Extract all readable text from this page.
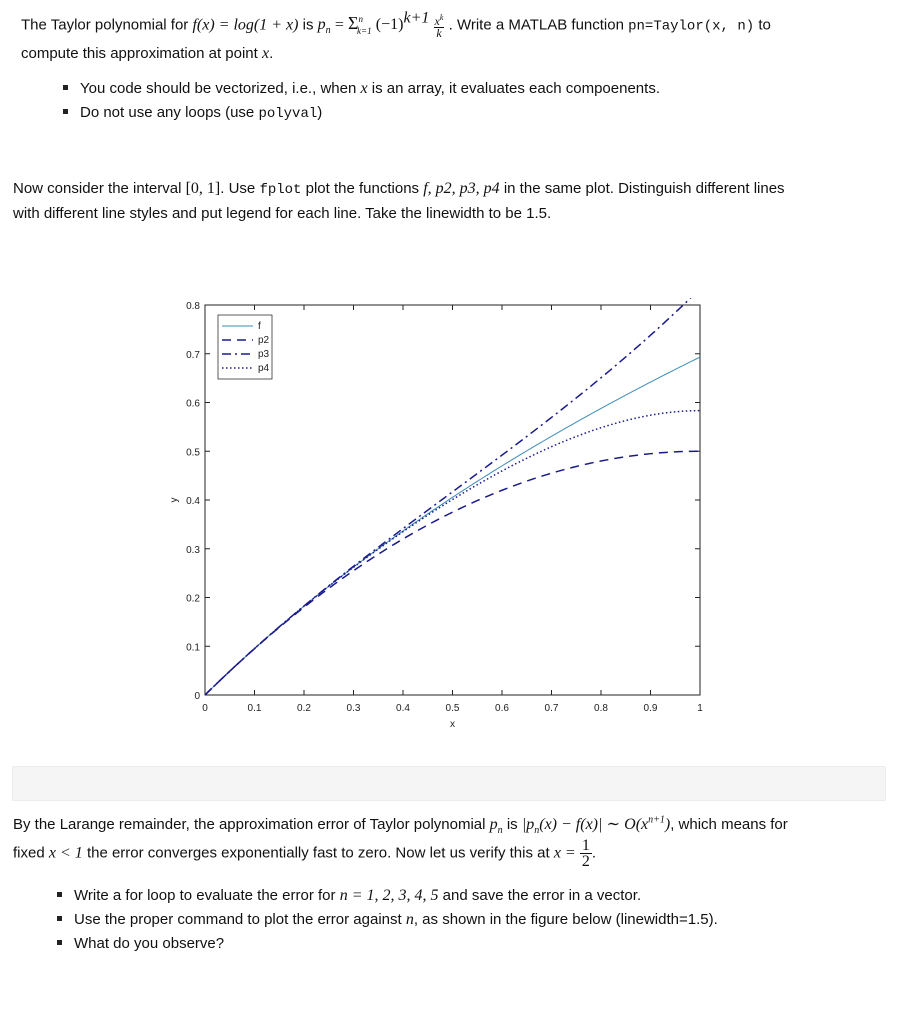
The Taylor polynomial for f(x) = log(1 + x) is $p_n = \Sigma^n_{k=1}$ $(-1)^{k+1} \frac{x^k}{k}$ . Write a MATLAB function pn=Taylor(x, n) to
compute this approximation at point x.
You code should be vectorized, i.e., when x is an array, it evaluates each compoenents.
Do not use any loops (use polyval)
Now consider the interval [0, 1]. Use fplot plot the functions f, p2, p3, p4 in the same plot. Distinguish different lines
with different line styles and put legend for each line. Take the linewidth to be 1.5.
0	0.1	0.2	0.3	0.4	0.5	0.6	0.7	0.8	0.9	1
0
0.1
0.2
0.3
0.4
0.5
0.6
0.7
0.8
x
y
f
p2
p3
p4
By the Larange remainder, the approximation error of Taylor polynomial $p_n$ is $|p_n(x) - f(x)|$ ∼ $O(x^{n+1})$, which means for
fixed x < 1 the error converges exponentially fast to zero. Now let us verify this at $x = \frac{1}{2}$ .
Write a for loop to evaluate the error for n = 1, 2, 3, 4, 5 and save the error in a vector.
Use the proper command to plot the error against n, as shown in the figure below (linewidth=1.5).
What do you observe?
